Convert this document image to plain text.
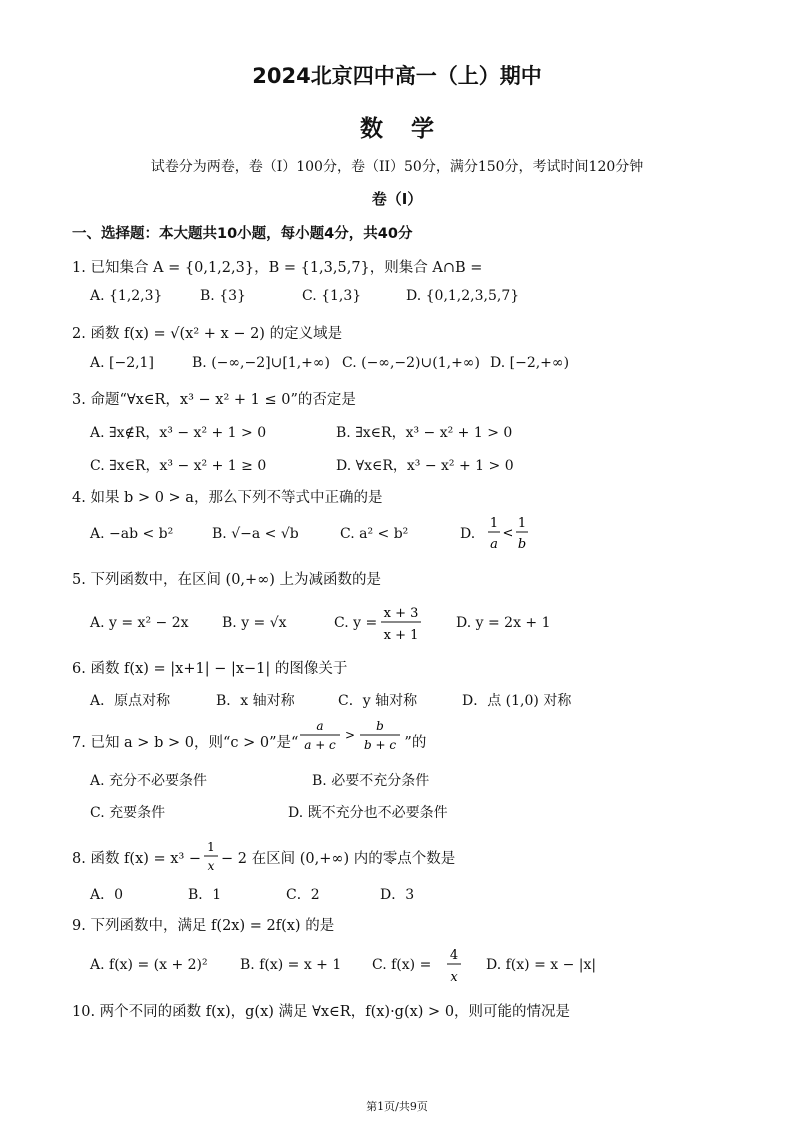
2024北京四中高一（上）期中
数学
试卷分为两卷，卷（I）100分，卷（II）50分，满分150分，考试时间120分钟
卷（I）
一、选择题：本大题共10小题，每小题4分，共40分
1. 已知集合 A = {0,1,2,3}，B = {1,3,5,7}，则集合 A∩B =
A. {1,2,3}	B. {3}	C. {1,3}	D. {0,1,2,3,5,7}
2. 函数 f(x) = √(x² + x − 2) 的定义域是
A. [−2,1]	B. (−∞,−2]∪[1,+∞) C. (−∞,−2)∪(1,+∞) D. [−2,+∞)
3. 命题“∀x∈R，x³ − x² + 1 ≤ 0”的否定是
A. ∃x∉R，x³ − x² + 1 > 0	B. ∃x∈R，x³ − x² + 1 > 0
C. ∃x∈R，x³ − x² + 1 ≥ 0	D. ∀x∈R，x³ − x² + 1 > 0
4. 如果 b > 0 > a，那么下列不等式中正确的是
A. −ab < b²	B. √−a < √b	C. a² < b²	D.
1
a
<
1
b
5. 下列函数中，在区间 (0,+∞) 上为减函数的是
A. y = x² − 2x B. y = √x	C. y =	D. y = 2x + 1
x + 3
x + 1
6. 函数 f(x) = |x+1| − |x−1| 的图像关于
A．原点对称	B．x 轴对称	C．y 轴对称	D．点 (1,0) 对称
7. 已知 a > b > 0，则“c > 0”是“
a
a + c
>
b
b + c ”的
A. 充分不必要条件	B. 必要不充分条件
C. 充要条件	D. 既不充分也不必要条件
8. 函数 f(x) = x³ −
1
x − 2 在区间 (0,+∞) 内的零点个数是
A．0	B．1	C．2	D．3
9. 下列函数中，满足 f(2x) = 2f(x) 的是
A. f(x) = (x + 2)² B. f(x) = x + 1 C. f(x) =	D. f(x) = x − |x|
4
x
10. 两个不同的函数 f(x)，g(x) 满足 ∀x∈R，f(x)·g(x) > 0，则可能的情况是
第1页/共9页
